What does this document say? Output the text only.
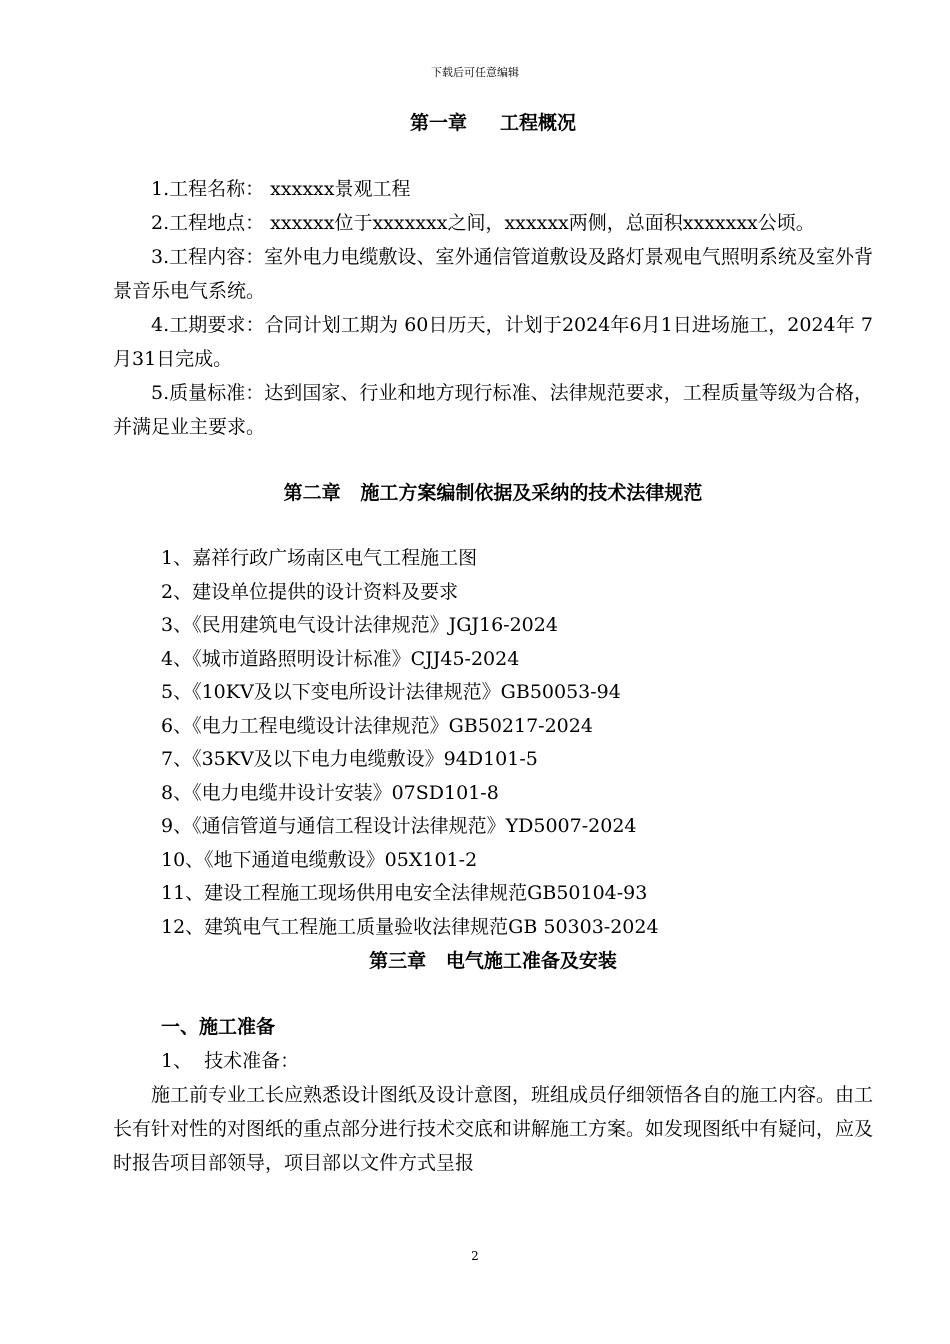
下载后可任意编辑
第一章     工程概况

1.工程名称： xxxxxx景观工程

2.工程地点： xxxxxx位于xxxxxxx之间，xxxxxx两侧，总面积xxxxxxx公顷。

3.工程内容：室外电力电缆敷设、室外通信管道敷设及路灯景观电气照明系统及室外背景音乐电气系统。

4.工期要求：合同计划工期为 60日历天，计划于2024年6月1日进场施工，2024年 7月31日完成。

5.质量标准：达到国家、行业和地方现行标准、法律规范要求，工程质量等级为合格，并满足业主要求。

第二章   施工方案编制依据及采纳的技术法律规范
1、嘉祥行政广场南区电气工程施工图
2、建设单位提供的设计资料及要求
3、《民用建筑电气设计法律规范》JGJ16-2024
4、《城市道路照明设计标准》CJJ45-2024
5、《10KV及以下变电所设计法律规范》GB50053-94
6、《电力工程电缆设计法律规范》GB50217-2024
7、《35KV及以下电力电缆敷设》94D101-5
8、《电力电缆井设计安装》07SD101-8
9、《通信管道与通信工程设计法律规范》YD5007-2024
10、《地下通道电缆敷设》05X101-2
11、建设工程施工现场供用电安全法律规范GB50104-93
12、建筑电气工程施工质量验收法律规范GB 50303-2024
第三章   电气施工准备及安装
一、施工准备
1、  技术准备：

施工前专业工长应熟悉设计图纸及设计意图，班组成员仔细领悟各自的施工内容。由工长有针对性的对图纸的重点部分进行技术交底和讲解施工方案。如发现图纸中有疑问，应及时报告项目部领导，项目部以文件方式呈报

2
